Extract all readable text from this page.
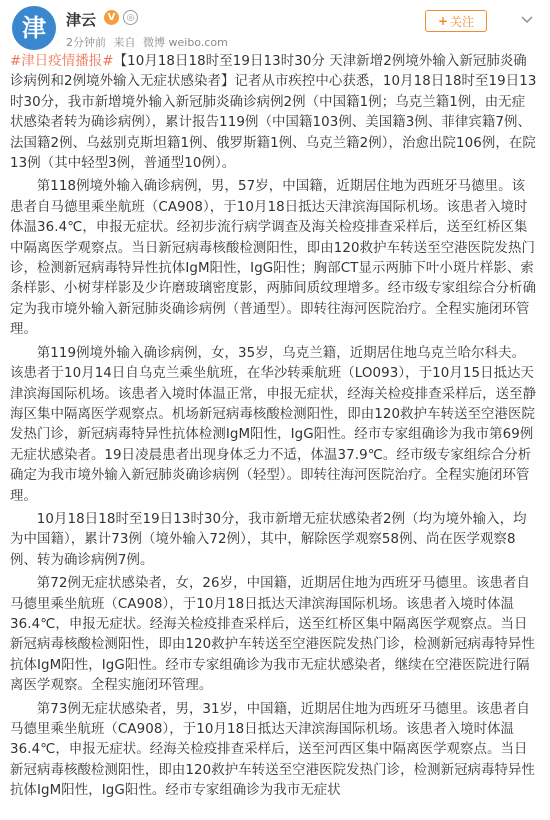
津 津云	V	◎
2分钟前 来自 微博 weibo.com
+ 关注

#津日疫情播报#【10月18日18时至19日13时30分 天津新增2例境外输入新冠肺炎确诊病例和2例境外输入无症状感染者】记者从市疾控中心获悉，10月18日18时至19日13时30分，我市新增境外输入新冠肺炎确诊病例2例（中国籍1例；乌克兰籍1例，由无症状感染者转为确诊病例），累计报告119例（中国籍103例、美国籍3例、菲律宾籍7例、法国籍2例、乌兹别克斯坦籍1例、俄罗斯籍1例、乌克兰籍2例），治愈出院106例，在院13例（其中轻型3例，普通型10例）。

第118例境外输入确诊病例，男，57岁，中国籍，近期居住地为西班牙马德里。该患者自马德里乘坐航班（CA908），于10月18日抵达天津滨海国际机场。该患者入境时体温36.4℃，申报无症状。经初步流行病学调查及海关检疫排查采样后，送至红桥区集中隔离医学观察点。当日新冠病毒核酸检测阳性，即由120救护车转送至空港医院发热门诊，检测新冠病毒特异性抗体IgM阳性，IgG阳性；胸部CT显示两肺下叶小斑片样影、索条样影、小树芽样影及少许磨玻璃密度影，两肺间质纹理增多。经市级专家组综合分析确定为我市境外输入新冠肺炎确诊病例（普通型）。即转往海河医院治疗。全程实施闭环管理。

第119例境外输入确诊病例，女，35岁，乌克兰籍，近期居住地乌克兰哈尔科夫。该患者于10月14日自乌克兰乘坐航班，在华沙转乘航班（LO093），于10月15日抵达天津滨海国际机场。该患者入境时体温正常，申报无症状，经海关检疫排查采样后，送至静海区集中隔离医学观察点。机场新冠病毒核酸检测阳性，即由120救护车转送至空港医院发热门诊，新冠病毒特异性抗体检测IgM阳性，IgG阳性。经市专家组确诊为我市第69例无症状感染者。19日凌晨患者出现身体乏力不适，体温37.9℃。经市级专家组综合分析确定为我市境外输入新冠肺炎确诊病例（轻型）。即转往海河医院治疗。全程实施闭环管理。

10月18日18时至19日13时30分，我市新增无症状感染者2例（均为境外输入，均为中国籍），累计73例（境外输入72例），其中，解除医学观察58例、尚在医学观察8例、转为确诊病例7例。

第72例无症状感染者，女，26岁，中国籍，近期居住地为西班牙马德里。该患者自马德里乘坐航班（CA908），于10月18日抵达天津滨海国际机场。该患者入境时体温36.4℃，申报无症状。经海关检疫排查采样后，送至红桥区集中隔离医学观察点。当日新冠病毒核酸检测阳性，即由120救护车转送至空港医院发热门诊，检测新冠病毒特异性抗体IgM阳性，IgG阳性。经市专家组确诊为我市无症状感染者，继续在空港医院进行隔离医学观察。全程实施闭环管理。

第73例无症状感染者，男，31岁，中国籍，近期居住地为西班牙马德里。该患者自马德里乘坐航班（CA908），于10月18日抵达天津滨海国际机场。该患者入境时体温36.4℃，申报无症状。经海关检疫排查采样后，送至河西区集中隔离医学观察点。当日新冠病毒核酸检测阳性，即由120救护车转送至空港医院发热门诊，检测新冠病毒特异性抗体IgM阳性，IgG阳性。经市专家组确诊为我市无症状
